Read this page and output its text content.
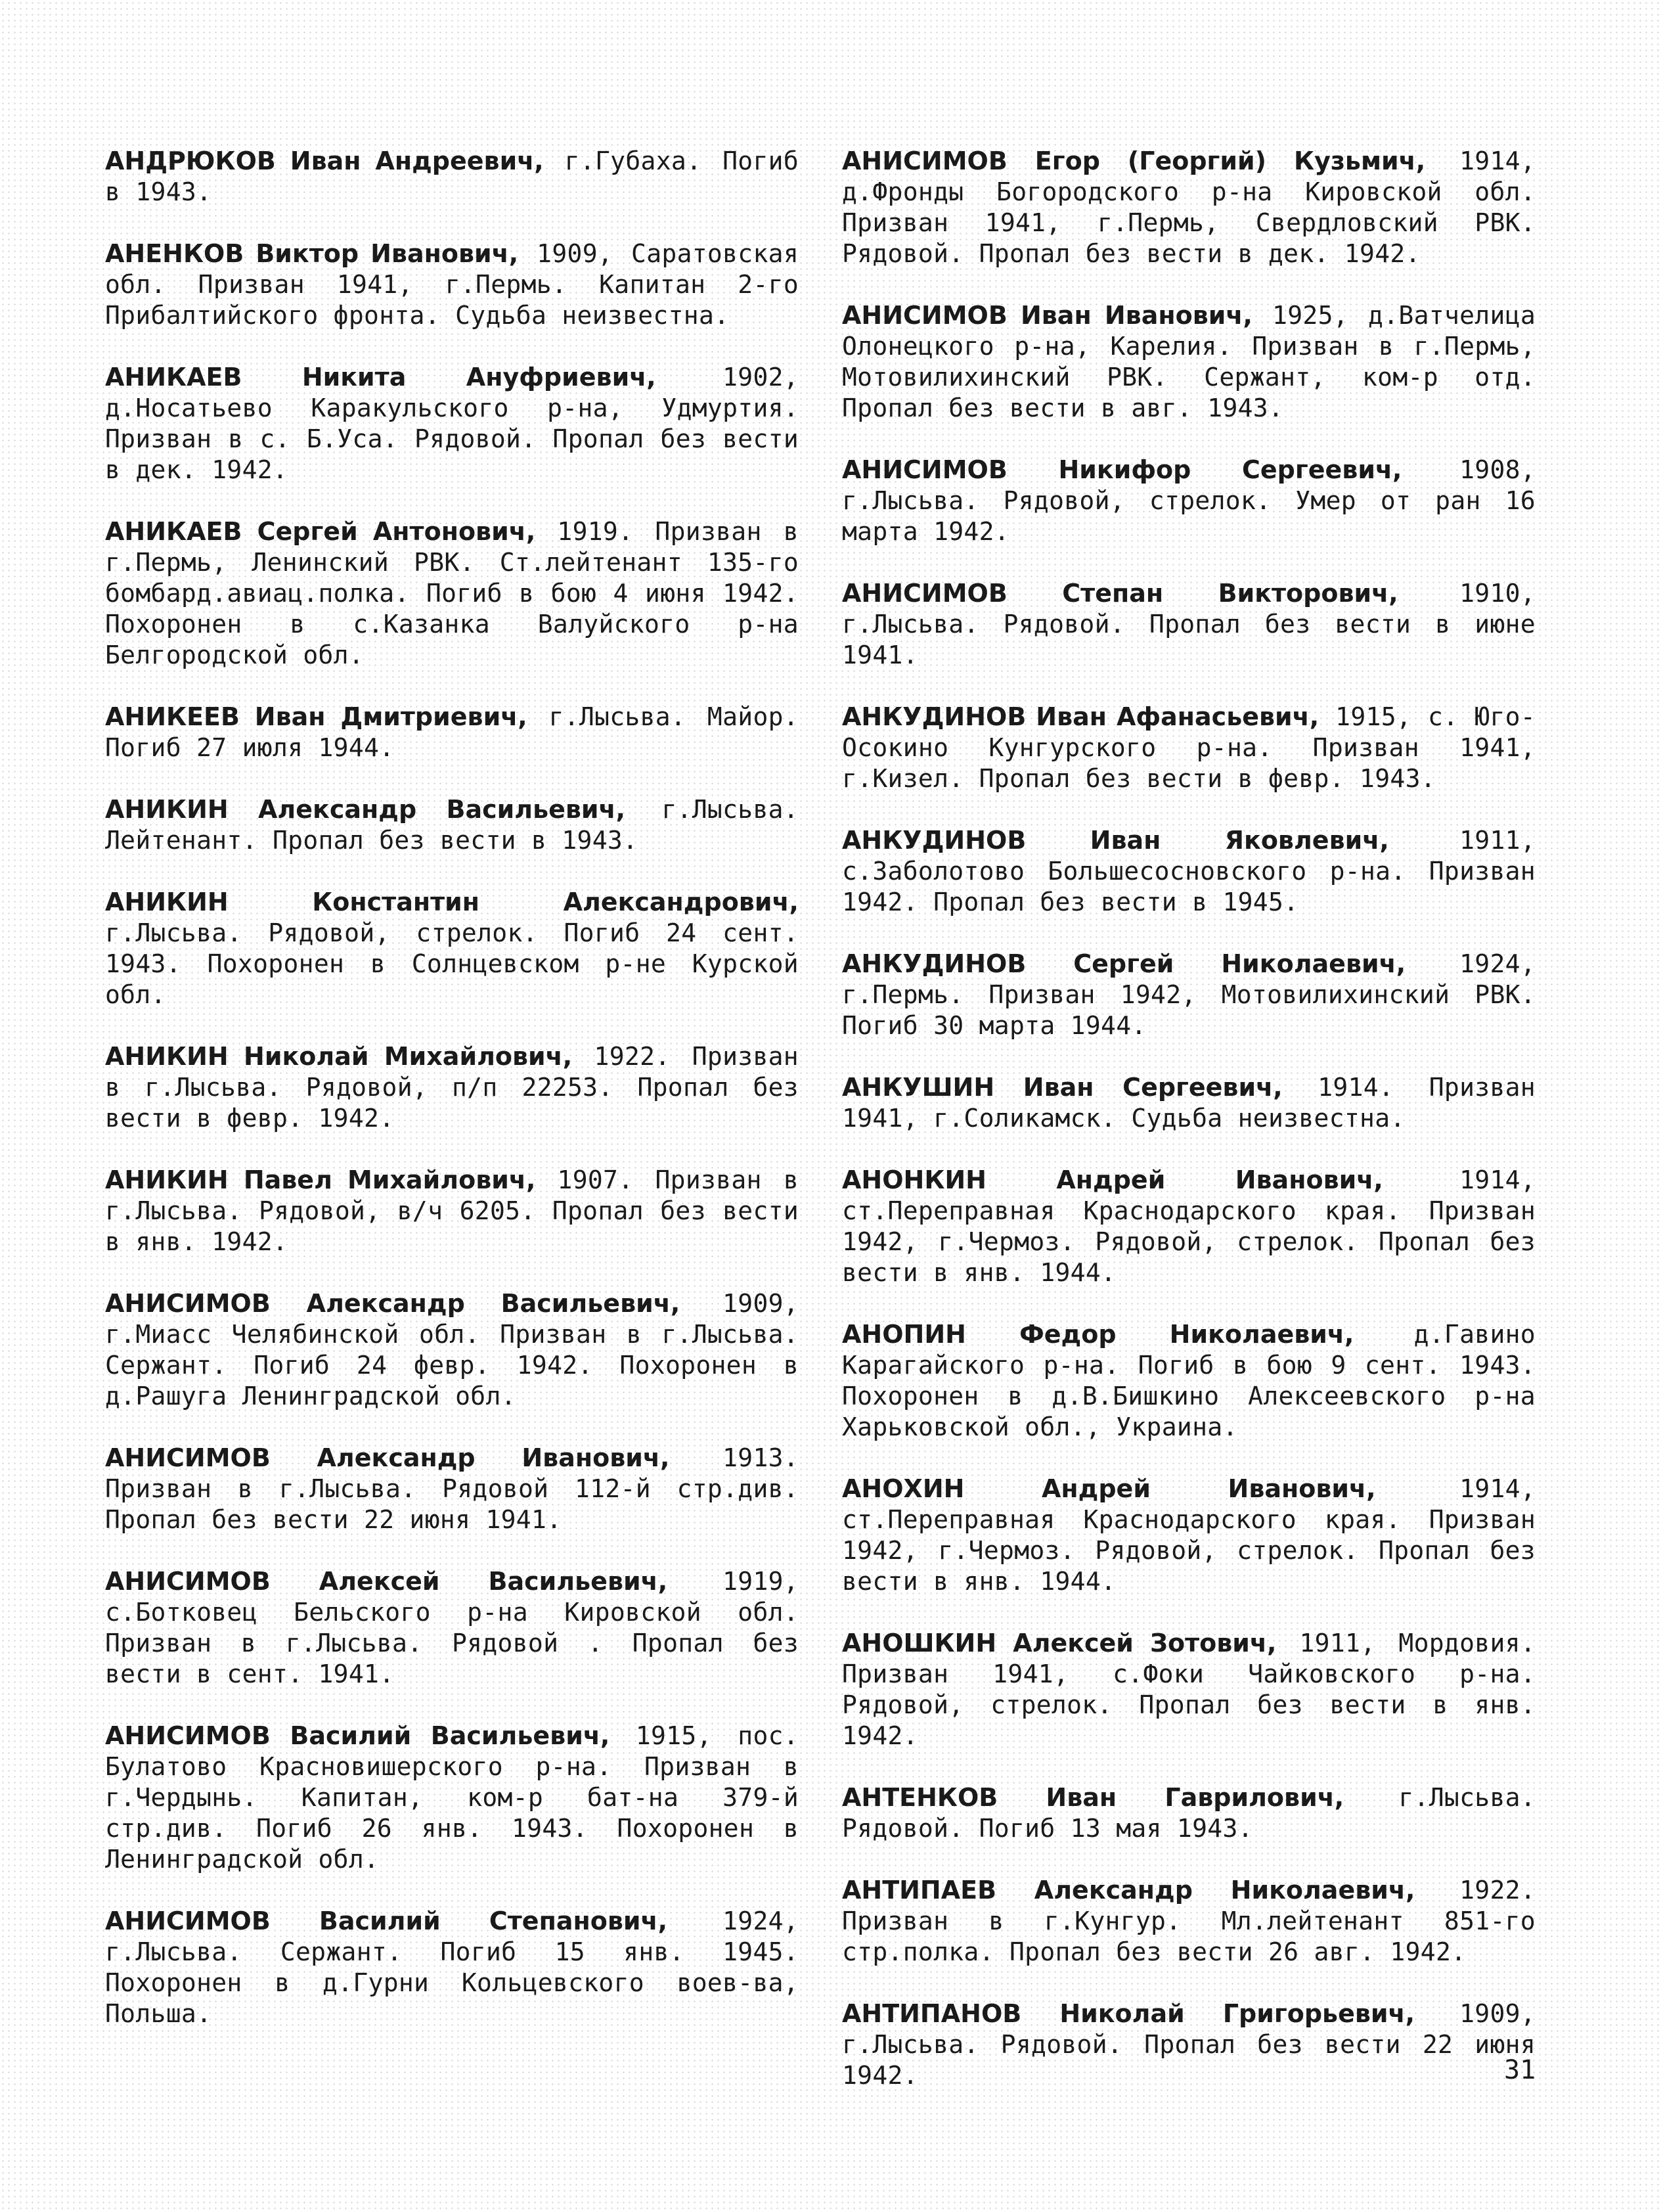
АНДРЮКОВ Иван Андреевич, г.Губаха. Погиб в 1943.

АНЕНКОВ Виктор Иванович, 1909, Саратовская обл. Призван 1941, г.Пермь. Капитан 2-го Прибалтийского фронта. Судьба неизвестна.

АНИКАЕВ Никита Ануфриевич,	1902, д.Носатьево Каракульского р-на, Удмуртия. Призван в с. Б.Уса. Рядовой. Пропал без вести в дек. 1942.

АНИКАЕВ Сергей Антонович, 1919. Призван в г.Пермь, Ленинский РВК. Ст.лейтенант 135-го бомбард.авиац.полка. Погиб в бою 4 июня 1942. Похоронен в с.Казанка Валуйского р-на Белгородской обл.

АНИКЕЕВ Иван Дмитриевич, г.Лысьва. Майор. Погиб 27 июля 1944.

АНИКИН Александр Васильевич, г.Лысьва. Лейтенант. Пропал без вести в 1943.

АНИКИН Константин Александрович, г.Лысьва. Рядовой, стрелок. Погиб 24 сент. 1943. Похоронен в Солнцевском р-не Курской обл.

АНИКИН Николай Михайлович, 1922. Призван в г.Лысьва. Рядовой, п/п 22253. Пропал без вести в февр. 1942.

АНИКИН Павел Михайлович, 1907. Призван в г.Лысьва. Рядовой, в/ч 6205. Пропал без вести в янв. 1942.

АНИСИМОВ Александр Васильевич, 1909, г.Миасс Челябинской обл. Призван в г.Лысьва. Сержант. Погиб 24 февр. 1942. Похоронен в д.Рашуга Ленинградской обл.

АНИСИМОВ Александр Иванович, 1913. Призван в г.Лысьва. Рядовой 112-й стр.див. Пропал без вести 22 июня 1941.

АНИСИМОВ Алексей Васильевич, 1919, с.Ботковец Бельского р-на Кировской обл. Призван в г.Лысьва. Рядовой . Пропал без вести в сент. 1941.

АНИСИМОВ Василий Васильевич, 1915, пос. Булатово Красновишерского р-на. Призван в г.Чердынь. Капитан, ком-р бат-на 379-й стр.див. Погиб 26 янв. 1943. Похоронен в Ленинградской обл.

АНИСИМОВ Василий Степанович, 1924, г.Лысьва. Сержант. Погиб 15 янв. 1945. Похоронен в д.Гурни Кольцевского воев-ва, Польша.

АНИСИМОВ Егор (Георгий) Кузьмич, 1914, д.Фронды Богородского р-на Кировской обл. Призван 1941, г.Пермь, Свердловский РВК. Рядовой. Пропал без вести в дек. 1942.

АНИСИМОВ Иван Иванович, 1925, д.Ватчелица Олонецкого р-на, Карелия. Призван в г.Пермь, Мотовилихинский РВК. Сержант, ком-р отд. Пропал без вести в авг. 1943.

АНИСИМОВ Никифор Сергеевич, 1908, г.Лысьва. Рядовой, стрелок. Умер от ран 16 марта 1942.

АНИСИМОВ Степан Викторович, 1910, г.Лысьва. Рядовой. Пропал без вести в июне 1941.

АНКУДИНОВ Иван Афанасьевич, 1915, с. Юго-Осокино Кунгурского р-на. Призван 1941, г.Кизел. Пропал без вести в февр. 1943.

АНКУДИНОВ Иван Яковлевич,	1911, с.Заболотово Большесосновского р-на. Призван 1942. Пропал без вести в 1945.

АНКУДИНОВ Сергей Николаевич, 1924, г.Пермь. Призван 1942, Мотовилихинский РВК. Погиб 30 марта 1944.

АНКУШИН Иван Сергеевич, 1914. Призван 1941, г.Соликамск. Судьба неизвестна.

АНОНКИН Андрей Иванович,	1914, ст.Переправная Краснодарского края. Призван 1942, г.Чермоз. Рядовой, стрелок. Пропал без вести в янв. 1944.

АНОПИН Федор Николаевич, д.Гавино Карагайского р-на. Погиб в бою 9 сент. 1943. Похоронен в д.В.Бишкино Алексеевского р-на Харьковской обл., Украина.

АНОХИН Андрей Иванович,	1914, ст.Переправная Краснодарского края. Призван 1942, г.Чермоз. Рядовой, стрелок. Пропал без вести в янв. 1944.

АНОШКИН Алексей Зотович, 1911, Мордовия. Призван 1941, с.Фоки Чайковского р-на. Рядовой, стрелок. Пропал без вести в янв. 1942.

АНТЕНКОВ Иван Гаврилович, г.Лысьва. Рядовой. Погиб 13 мая 1943.

АНТИПАЕВ Александр Николаевич, 1922. Призван в г.Кунгур. Мл.лейтенант 851-го стр.полка. Пропал без вести 26 авг. 1942.

АНТИПАНОВ Николай Григорьевич, 1909, г.Лысьва. Рядовой. Пропал без вести 22 июня 1942.	31
